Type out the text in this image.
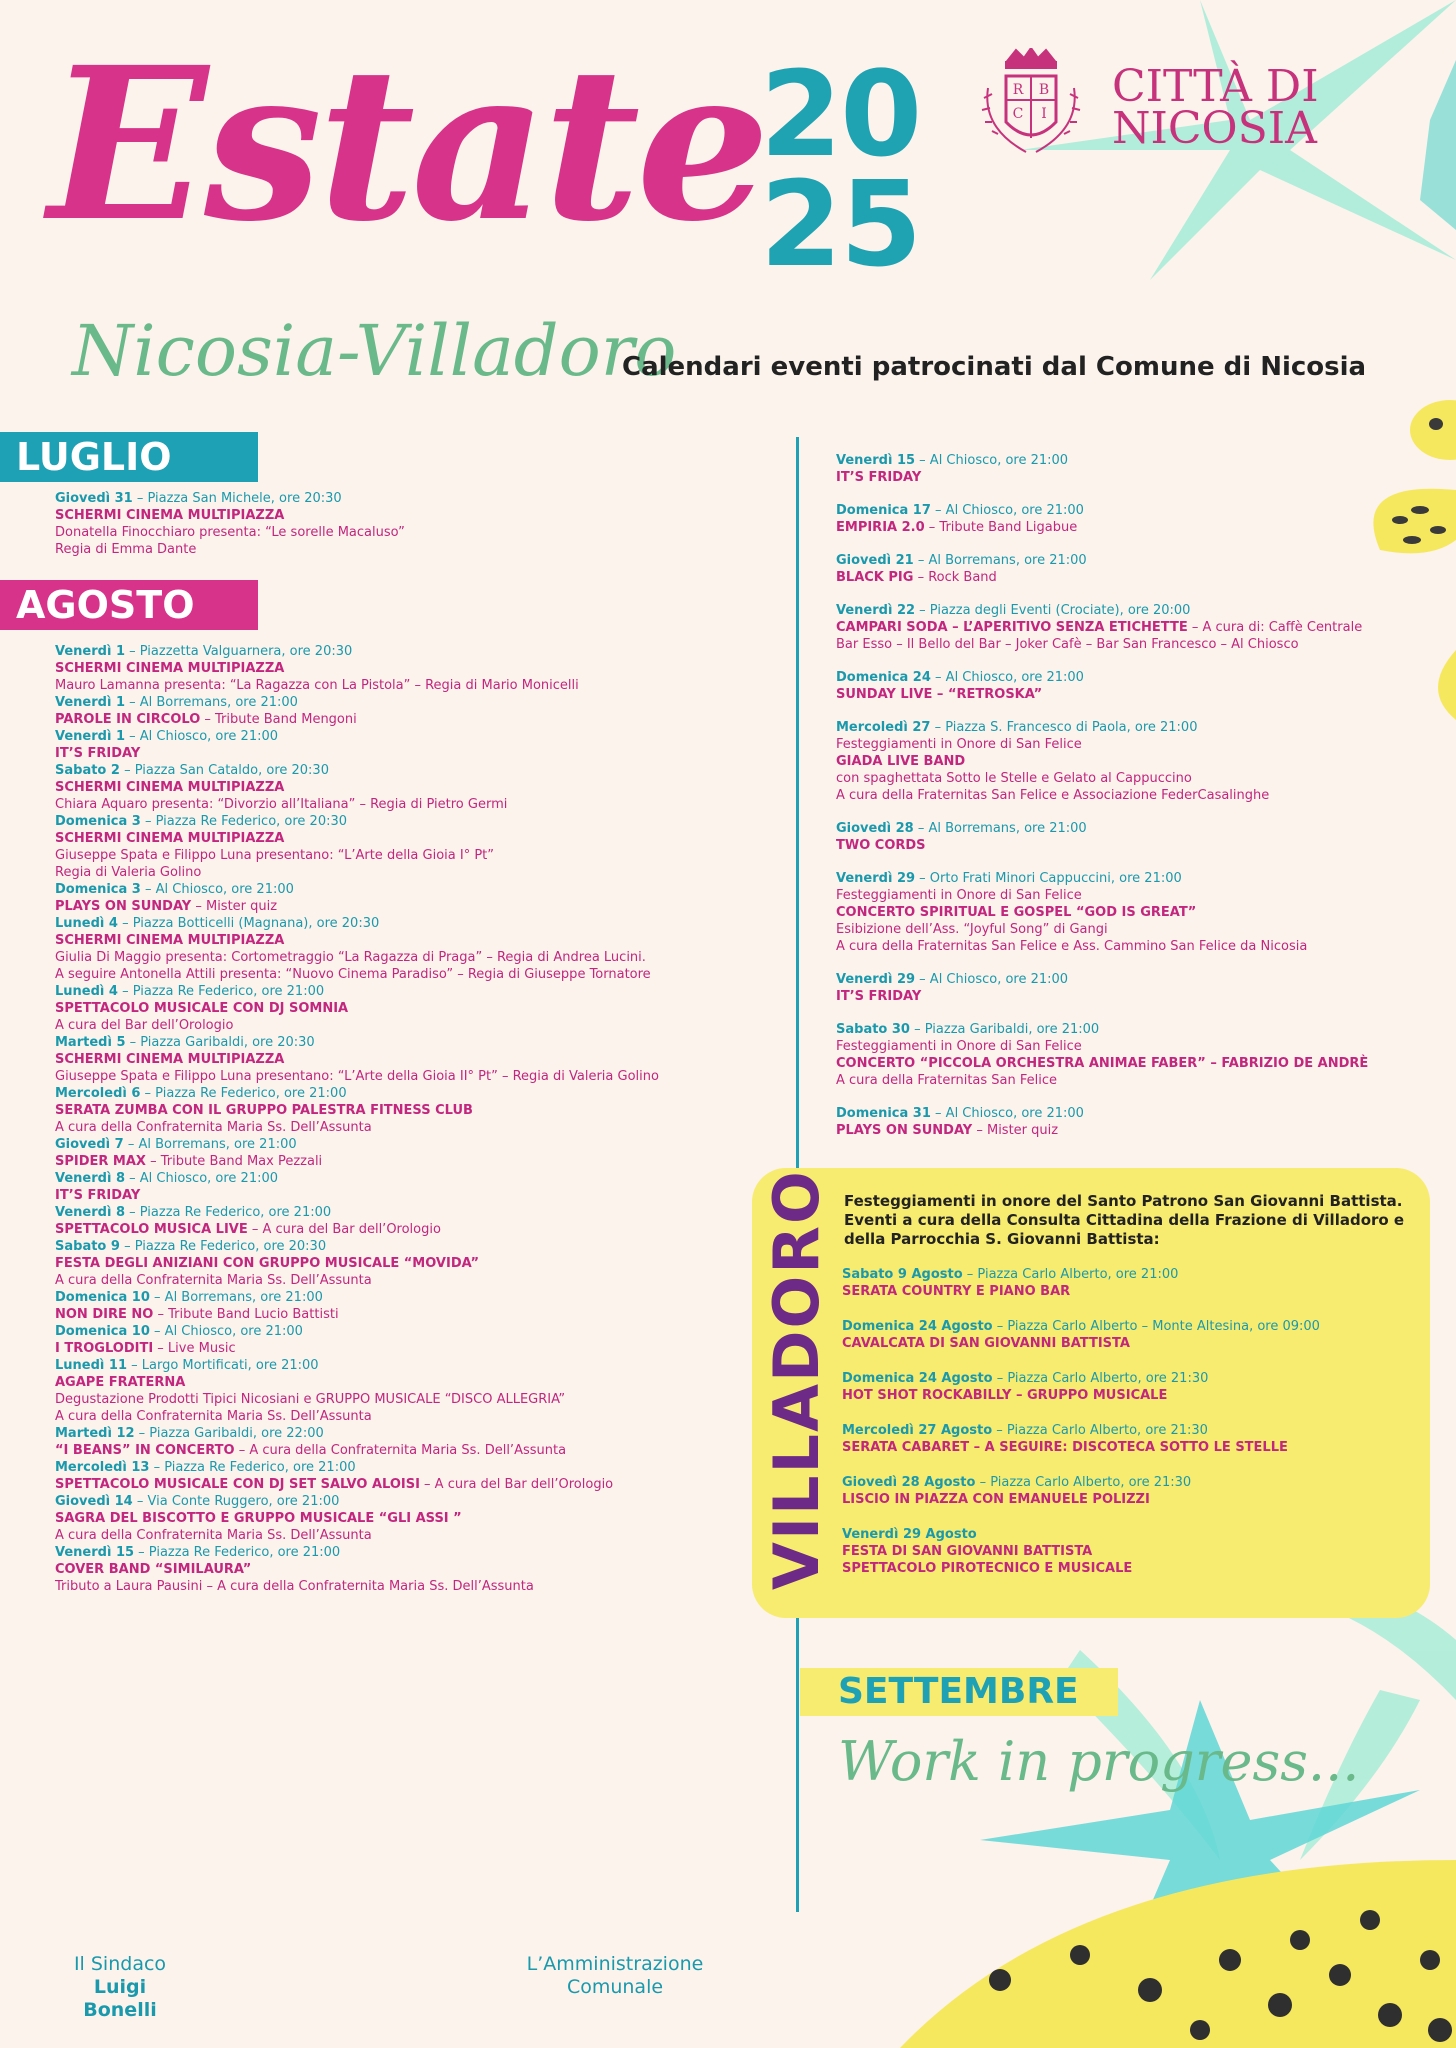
Estate
20
25
R B
C I
CITTÀ DI
NICOSIA
Nicosia-Villadoro
Calendari eventi patrocinati dal Comune di Nicosia
LUGLIO
AGOSTO
Giovedì 31 – Piazza San Michele, ore 20:30
SCHERMI CINEMA MULTIPIAZZA
Donatella Finocchiaro presenta: “Le sorelle Macaluso”
Regia di Emma Dante
Venerdì 1 – Piazzetta Valguarnera, ore 20:30
SCHERMI CINEMA MULTIPIAZZA
Mauro Lamanna presenta: “La Ragazza con La Pistola” – Regia di Mario Monicelli
Venerdì 1 – Al Borremans, ore 21:00
PAROLE IN CIRCOLO – Tribute Band Mengoni
Venerdì 1 – Al Chiosco, ore 21:00
IT’S FRIDAY
Sabato 2 – Piazza San Cataldo, ore 20:30
SCHERMI CINEMA MULTIPIAZZA
Chiara Aquaro presenta: “Divorzio all’Italiana” – Regia di Pietro Germi
Domenica 3 – Piazza Re Federico, ore 20:30
SCHERMI CINEMA MULTIPIAZZA
Giuseppe Spata e Filippo Luna presentano: “L’Arte della Gioia I° Pt”
Regia di Valeria Golino
Domenica 3 – Al Chiosco, ore 21:00
PLAYS ON SUNDAY – Mister quiz
Lunedì 4 – Piazza Botticelli (Magnana), ore 20:30
SCHERMI CINEMA MULTIPIAZZA
Giulia Di Maggio presenta: Cortometraggio “La Ragazza di Praga” – Regia di Andrea Lucini.
A seguire Antonella Attili presenta: “Nuovo Cinema Paradiso” – Regia di Giuseppe Tornatore
Lunedì 4 – Piazza Re Federico, ore 21:00
SPETTACOLO MUSICALE CON DJ SOMNIA
A cura del Bar dell’Orologio
Martedì 5 – Piazza Garibaldi, ore 20:30
SCHERMI CINEMA MULTIPIAZZA
Giuseppe Spata e Filippo Luna presentano: “L’Arte della Gioia II° Pt” – Regia di Valeria Golino
Mercoledì 6 – Piazza Re Federico, ore 21:00
SERATA ZUMBA CON IL GRUPPO PALESTRA FITNESS CLUB
A cura della Confraternita Maria Ss. Dell’Assunta
Giovedì 7 – Al Borremans, ore 21:00
SPIDER MAX – Tribute Band Max Pezzali
Venerdì 8 – Al Chiosco, ore 21:00
IT’S FRIDAY
Venerdì 8 – Piazza Re Federico, ore 21:00
SPETTACOLO MUSICA LIVE – A cura del Bar dell’Orologio
Sabato 9 – Piazza Re Federico, ore 20:30
FESTA DEGLI ANIZIANI CON GRUPPO MUSICALE “MOVIDA”
A cura della Confraternita Maria Ss. Dell’Assunta
Domenica 10 – Al Borremans, ore 21:00
NON DIRE NO – Tribute Band Lucio Battisti
Domenica 10 – Al Chiosco, ore 21:00
I TROGLODITI – Live Music
Lunedì 11 – Largo Mortificati, ore 21:00
AGAPE FRATERNA
Degustazione Prodotti Tipici Nicosiani e GRUPPO MUSICALE “DISCO ALLEGRIA”
A cura della Confraternita Maria Ss. Dell’Assunta
Martedì 12 – Piazza Garibaldi, ore 22:00
“I BEANS” IN CONCERTO – A cura della Confraternita Maria Ss. Dell’Assunta
Mercoledì 13 – Piazza Re Federico, ore 21:00
SPETTACOLO MUSICALE CON DJ SET SALVO ALOISI – A cura del Bar dell’Orologio
Giovedì 14 – Via Conte Ruggero, ore 21:00
SAGRA DEL BISCOTTO E GRUPPO MUSICALE “GLI ASSI ”
A cura della Confraternita Maria Ss. Dell’Assunta
Venerdì 15 – Piazza Re Federico, ore 21:00
COVER BAND “SIMILAURA”
Tributo a Laura Pausini – A cura della Confraternita Maria Ss. Dell’Assunta
Venerdì 15 – Al Chiosco, ore 21:00
IT’S FRIDAY
Domenica 17 – Al Chiosco, ore 21:00
EMPIRIA 2.0 – Tribute Band Ligabue
Giovedì 21 – Al Borremans, ore 21:00
BLACK PIG – Rock Band
Venerdì 22 – Piazza degli Eventi (Crociate), ore 20:00
CAMPARI SODA – L’APERITIVO SENZA ETICHETTE – A cura di: Caffè Centrale
Bar Esso – Il Bello del Bar – Joker Cafè – Bar San Francesco – Al Chiosco
Domenica 24 – Al Chiosco, ore 21:00
SUNDAY LIVE – “RETROSKA”
Mercoledì 27 – Piazza S. Francesco di Paola, ore 21:00
Festeggiamenti in Onore di San Felice
GIADA LIVE BAND
con spaghettata Sotto le Stelle e Gelato al Cappuccino
A cura della Fraternitas San Felice e Associazione FederCasalinghe
Giovedì 28 – Al Borremans, ore 21:00
TWO CORDS
Venerdì 29 – Orto Frati Minori Cappuccini, ore 21:00
Festeggiamenti in Onore di San Felice
CONCERTO SPIRITUAL E GOSPEL “GOD IS GREAT”
Esibizione dell’Ass. “Joyful Song” di Gangi
A cura della Fraternitas San Felice e Ass. Cammino San Felice da Nicosia
Venerdì 29 – Al Chiosco, ore 21:00
IT’S FRIDAY
Sabato 30 – Piazza Garibaldi, ore 21:00
Festeggiamenti in Onore di San Felice
CONCERTO “PICCOLA ORCHESTRA ANIMAE FABER” – FABRIZIO DE ANDRÈ
A cura della Fraternitas San Felice
Domenica 31 – Al Chiosco, ore 21:00
PLAYS ON SUNDAY – Mister quiz
VILLADORO Festeggiamenti in onore del Santo Patrono San Giovanni Battista. Eventi a cura della Consulta Cittadina della Frazione di Villadoro e della Parrocchia S. Giovanni Battista:
Sabato 9 Agosto – Piazza Carlo Alberto, ore 21:00
SERATA COUNTRY E PIANO BAR
Domenica 24 Agosto – Piazza Carlo Alberto – Monte Altesina, ore 09:00
CAVALCATA DI SAN GIOVANNI BATTISTA
Domenica 24 Agosto – Piazza Carlo Alberto, ore 21:30
HOT SHOT ROCKABILLY – GRUPPO MUSICALE
Mercoledì 27 Agosto – Piazza Carlo Alberto, ore 21:30
SERATA CABARET – A SEGUIRE: DISCOTECA SOTTO LE STELLE
Giovedì 28 Agosto – Piazza Carlo Alberto, ore 21:30
LISCIO IN PIAZZA CON EMANUELE POLIZZI
Venerdì 29 Agosto
FESTA DI SAN GIOVANNI BATTISTA
SPETTACOLO PIROTECNICO E MUSICALE
SETTEMBRE
Work in progress...
Il Sindaco
Luigi Bonelli
L’Amministrazione
Comunale
